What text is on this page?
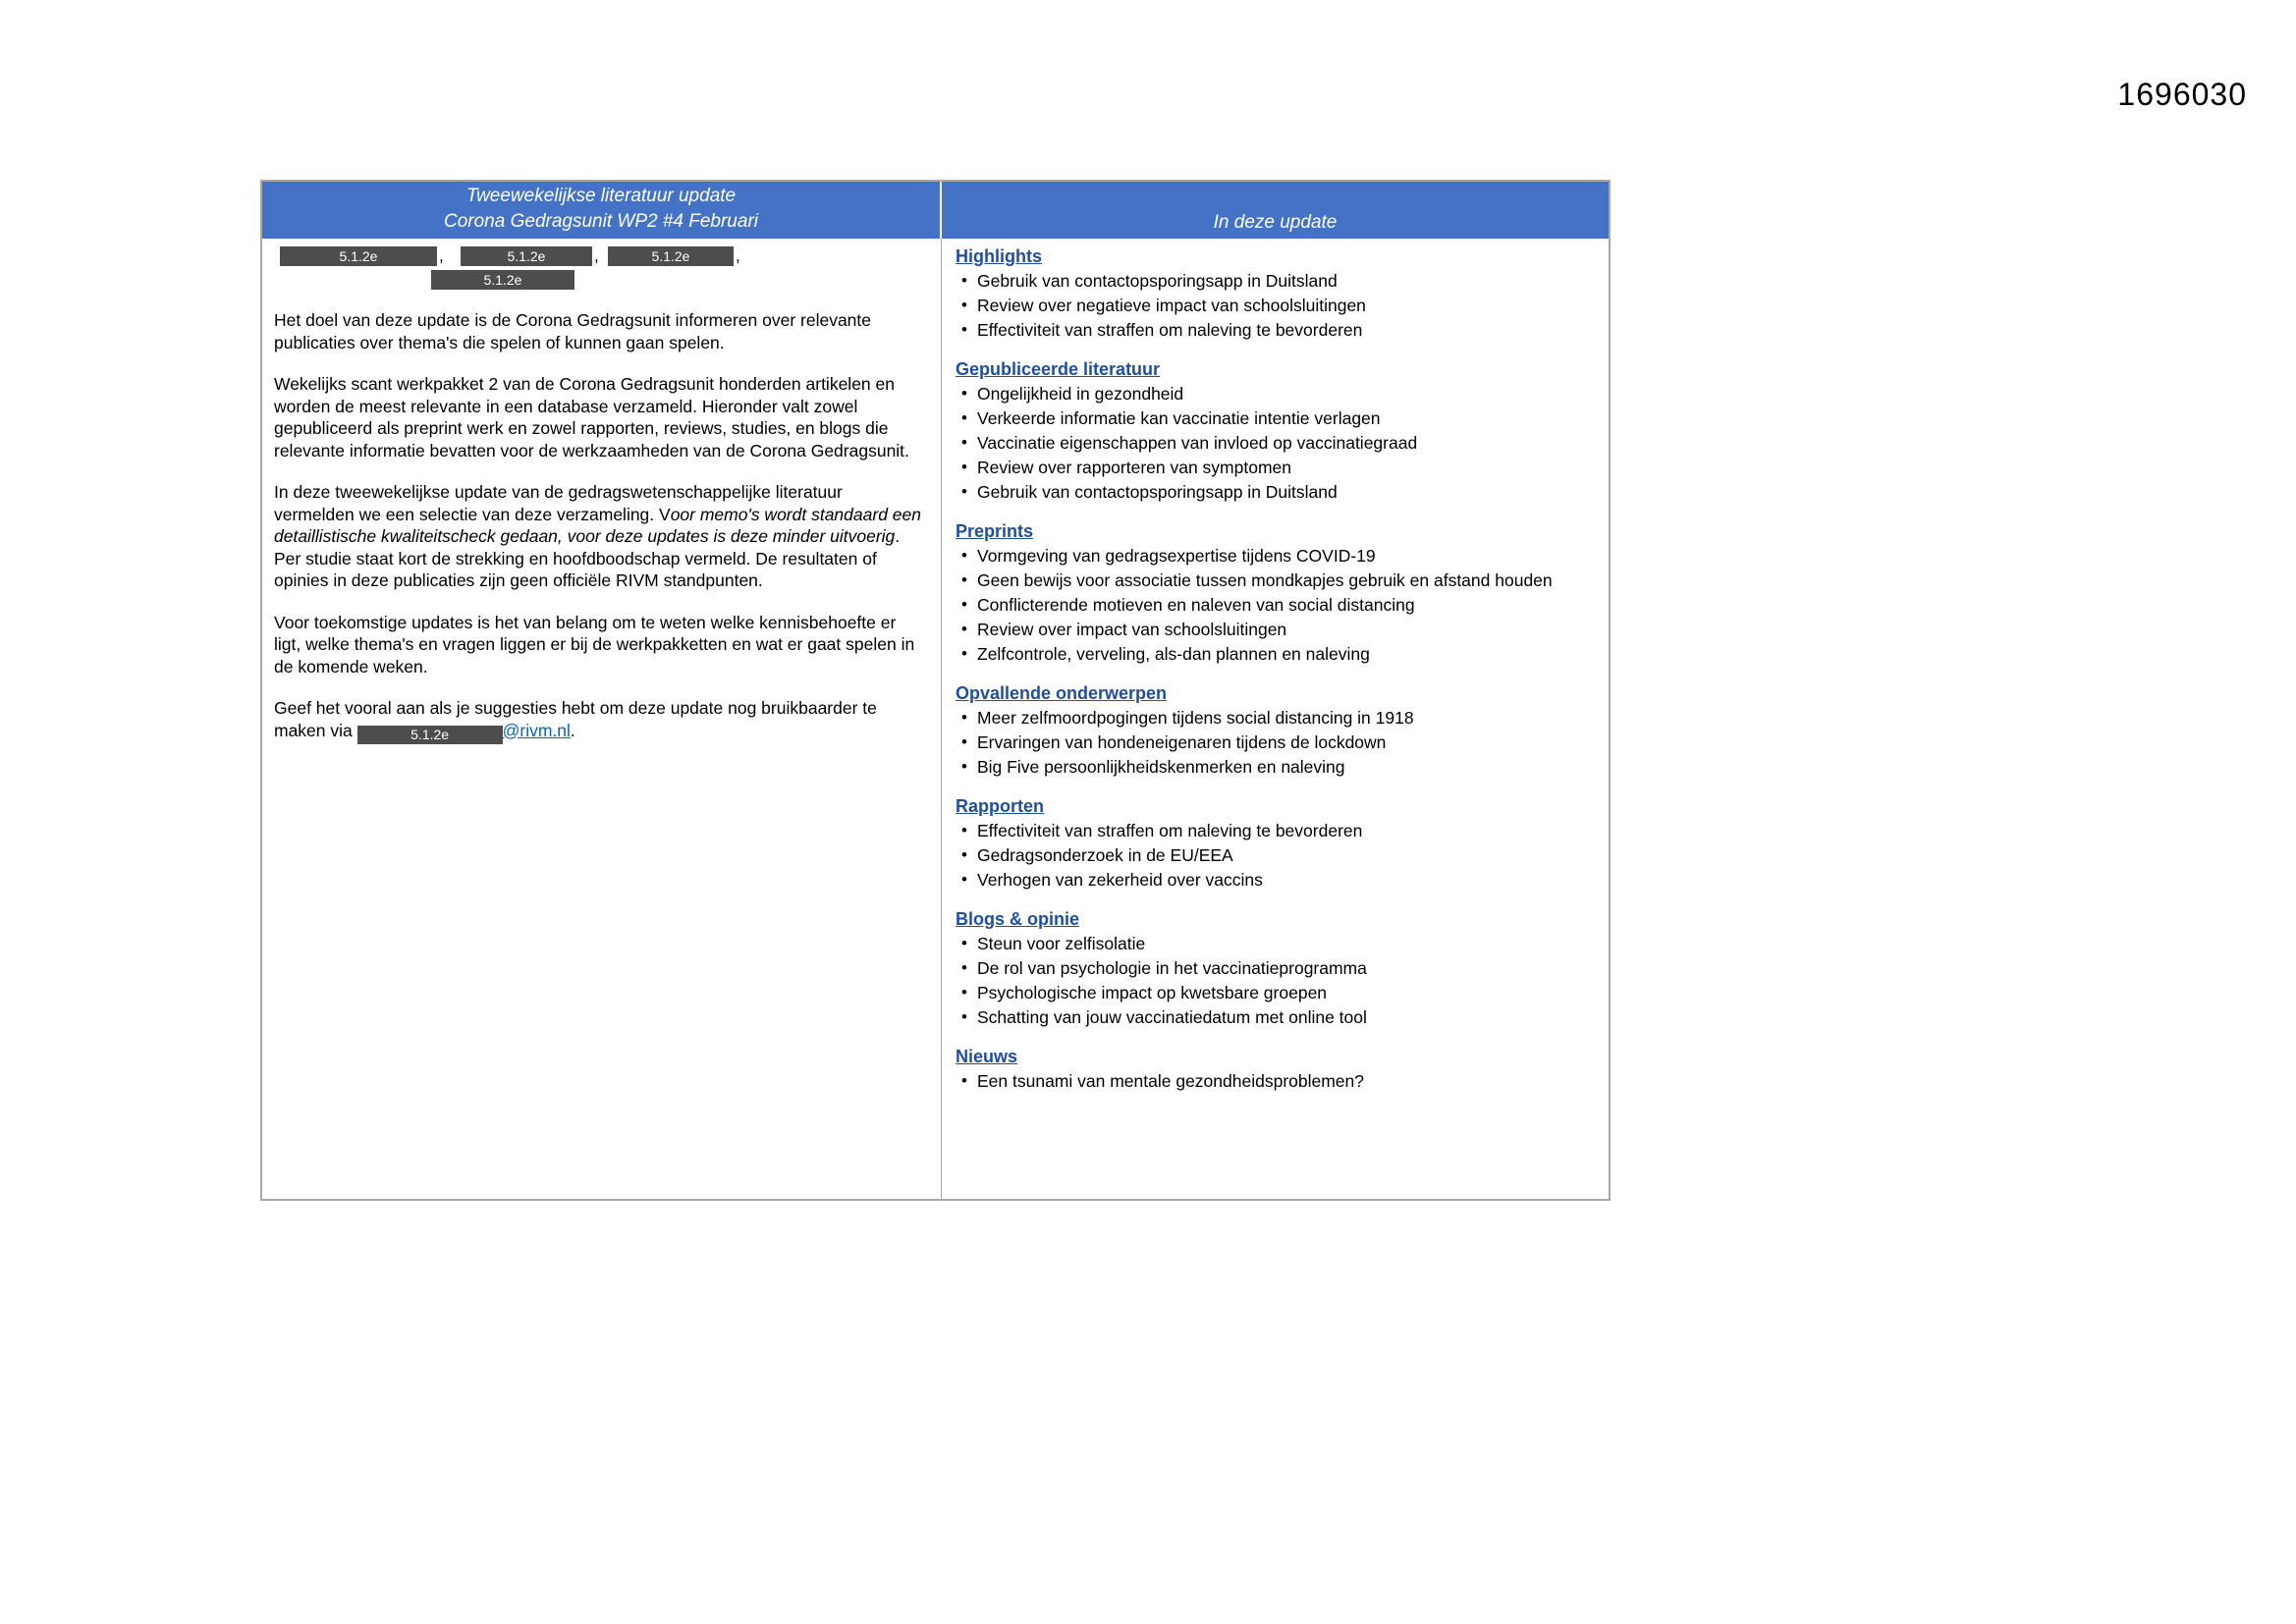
1696030
Tweewekelijkse literatuur update
Corona Gedragsunit WP2 #4 Februari	In deze update
5.1.2e	,	5.1.2e	,	5.1.2e	,
5.1.2e

Het doel van deze update is de Corona Gedragsunit informeren over relevante publicaties over thema's die spelen of kunnen gaan spelen.

Wekelijks scant werkpakket 2 van de Corona Gedragsunit honderden artikelen en worden de meest relevante in een database verzameld. Hieronder valt zowel gepubliceerd als preprint werk en zowel rapporten, reviews, studies, en blogs die relevante informatie bevatten voor de werkzaamheden van de Corona Gedragsunit.

In deze tweewekelijkse update van de gedragswetenschappelijke literatuur vermelden we een selectie van deze verzameling. Voor memo's wordt standaard een detaillistische kwaliteitscheck gedaan, voor deze updates is deze minder uitvoerig. Per studie staat kort de strekking en hoofdboodschap vermeld. De resultaten of opinies in deze publicaties zijn geen officiële RIVM standpunten.

Voor toekomstige updates is het van belang om te weten welke kennisbehoefte er ligt, welke thema's en vragen liggen er bij de werkpakketten en wat er gaat spelen in de komende weken.

Geef het vooral aan als je suggesties hebt om deze update nog bruikbaarder te maken via	5.1.2e	@rivm.nl.

Highlights
• Gebruik van contactopsporingsapp in Duitsland
• Review over negatieve impact van schoolsluitingen
• Effectiviteit van straffen om naleving te bevorderen
Gepubliceerde literatuur
• Ongelijkheid in gezondheid
• Verkeerde informatie kan vaccinatie intentie verlagen
• Vaccinatie eigenschappen van invloed op vaccinatiegraad
• Review over rapporteren van symptomen
• Gebruik van contactopsporingsapp in Duitsland
Preprints
• Vormgeving van gedragsexpertise tijdens COVID-19
• Geen bewijs voor associatie tussen mondkapjes gebruik en afstand houden
• Conflicterende motieven en naleven van social distancing
• Review over impact van schoolsluitingen
• Zelfcontrole, verveling, als-dan plannen en naleving
Opvallende onderwerpen
• Meer zelfmoordpogingen tijdens social distancing in 1918
• Ervaringen van hondeneigenaren tijdens de lockdown
• Big Five persoonlijkheidskenmerken en naleving
Rapporten
• Effectiviteit van straffen om naleving te bevorderen
• Gedragsonderzoek in de EU/EEA
• Verhogen van zekerheid over vaccins
Blogs & opinie
• Steun voor zelfisolatie
• De rol van psychologie in het vaccinatieprogramma
• Psychologische impact op kwetsbare groepen
• Schatting van jouw vaccinatiedatum met online tool
Nieuws
• Een tsunami van mentale gezondheidsproblemen?
